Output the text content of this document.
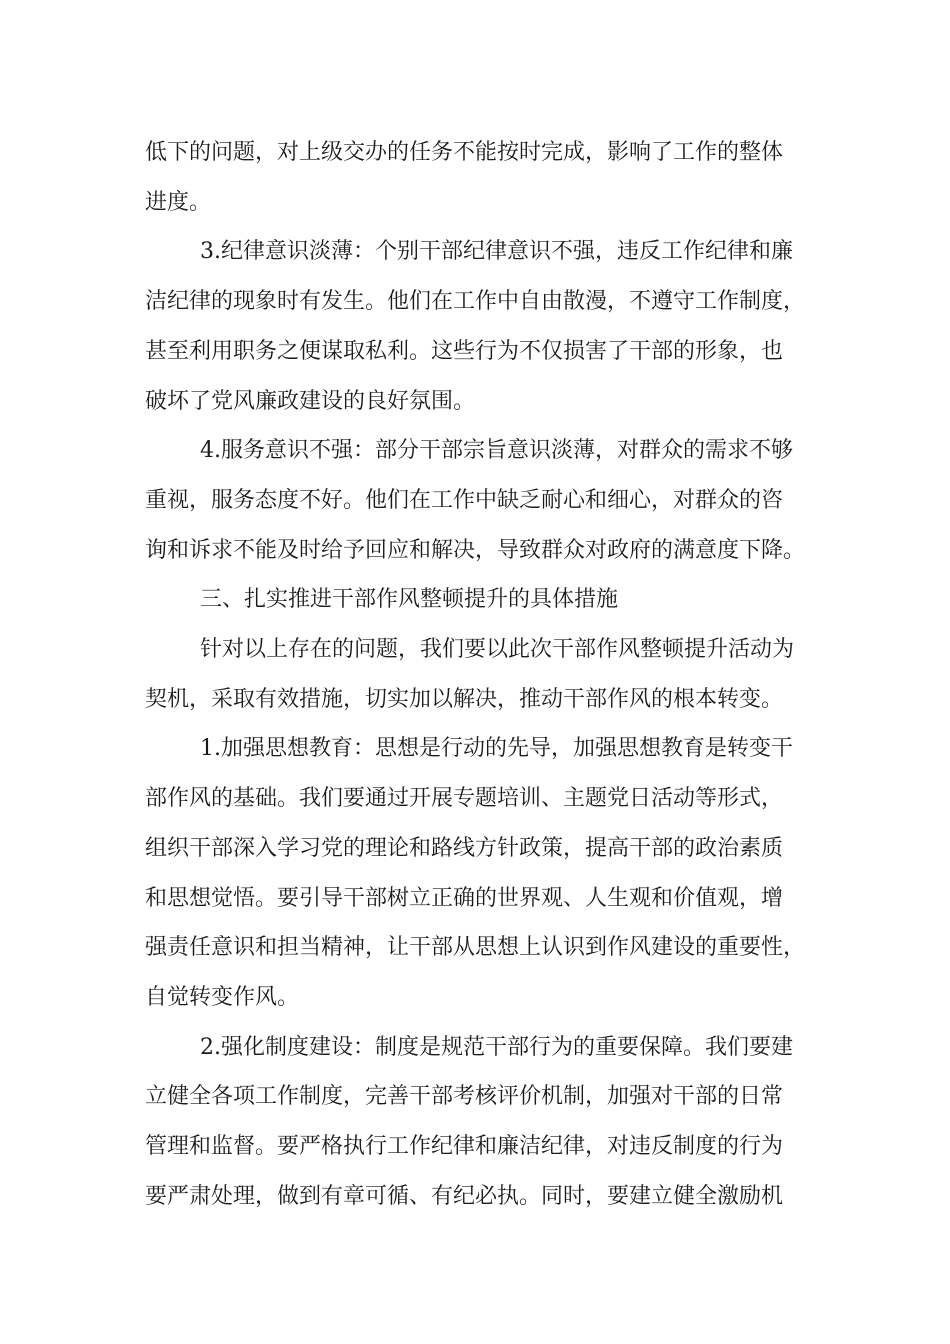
低下的问题，对上级交办的任务不能按时完成，影响了工作的整体

进度。

3.纪律意识淡薄：个别干部纪律意识不强，违反工作纪律和廉

洁纪律的现象时有发生。他们在工作中自由散漫，不遵守工作制度，

甚至利用职务之便谋取私利。这些行为不仅损害了干部的形象，也

破坏了党风廉政建设的良好氛围。

4.服务意识不强：部分干部宗旨意识淡薄，对群众的需求不够

重视，服务态度不好。他们在工作中缺乏耐心和细心，对群众的咨

询和诉求不能及时给予回应和解决，导致群众对政府的满意度下降。

三、扎实推进干部作风整顿提升的具体措施

针对以上存在的问题，我们要以此次干部作风整顿提升活动为

契机，采取有效措施，切实加以解决，推动干部作风的根本转变。

1.加强思想教育：思想是行动的先导，加强思想教育是转变干

部作风的基础。我们要通过开展专题培训、主题党日活动等形式，

组织干部深入学习党的理论和路线方针政策，提高干部的政治素质

和思想觉悟。要引导干部树立正确的世界观、人生观和价值观，增

强责任意识和担当精神，让干部从思想上认识到作风建设的重要性，

自觉转变作风。

2.强化制度建设：制度是规范干部行为的重要保障。我们要建

立健全各项工作制度，完善干部考核评价机制，加强对干部的日常

管理和监督。要严格执行工作纪律和廉洁纪律，对违反制度的行为

要严肃处理，做到有章可循、有纪必执。同时，要建立健全激励机
